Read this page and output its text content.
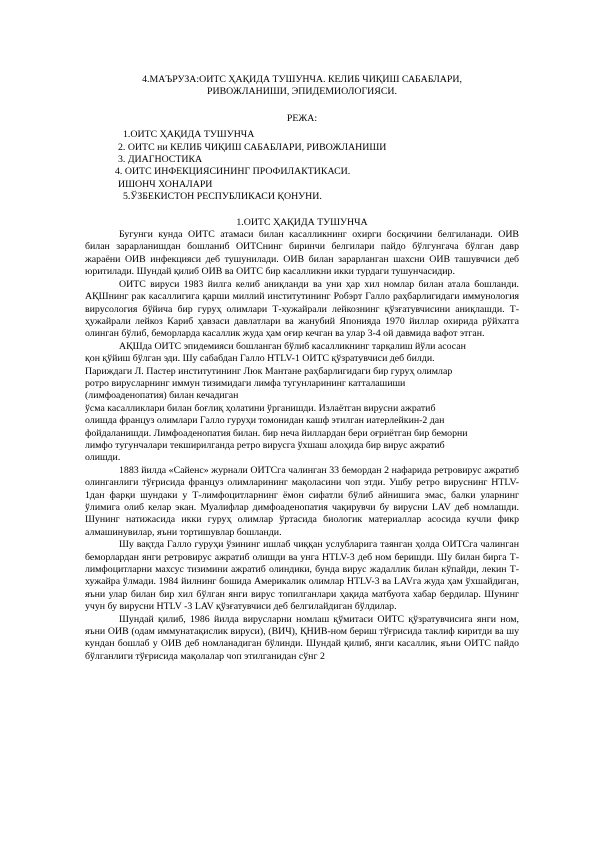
4.МАЪРУЗА:ОИТС ҲАҚИДА ТУШУНЧА. КЕЛИБ ЧИҚИШ САБАБЛАРИ,
РИВОЖЛАНИШИ, ЭПИДЕМИОЛОГИЯСИ.
РЕЖА:
1.ОИТС ҲАҚИДА ТУШУНЧА
2. ОИТС ни КЕЛИБ ЧИҚИШ САБАБЛАРИ, РИВОЖЛАНИШИ
3. ДИАГНОСТИКА
4. ОИТС ИНФЕКЦИЯСИНИНГ ПРОФИЛАКТИКАСИ.
ИШОНЧ ХОНАЛАРИ
5.ЎЗБЕКИСТОН РЕСПУБЛИКАСИ ҚОНУНИ.
1.ОИТС ҲАҚИДА ТУШУНЧА

Бугунги кунда ОИТС атамаси билан касалликнинг охирги босқичини белгиланади. ОИВ билан зарарланишдан бошланиб ОИТСнинг биринчи белгилари пайдо бўлгунгача бўлган давр жараёни ОИВ инфекцияси деб тушунилади. ОИВ билан зарарланган шахсни ОИВ ташувчиси деб юритилади. Шундай қилиб ОИВ ва ОИТС бир касалликни икки турдаги тушунчасидир.

ОИТС вируси 1983 йилга келиб аниқланди ва уни ҳар хил номлар билан атала бошланди. АҚШнинг рак касаллигига қарши миллий институтининг Робэрт Галло раҳбарлигидаги иммунология вирусология бўйича бир гуруҳ олимлари Т-хужайрали лейкознинг қўзғатувчисини аниқлашди. Т-ҳужайрали лейкоз Кариб ҳавзаси давлатлари ва жанубий Японияда 1970 йиллар охирида рўйхатга олинган бўлиб, беморларда касаллик жуда ҳам оғир кечган ва улар 3-4 ой давмида вафот этган.

АҚШда ОИТС эпидемияси бошланган бўлиб касалликнинг тарқалиш йўли асосан

қон қўйиш бўлган эди. Шу сабабдан Галло HTLV-1 ОИТС қўзратувчиси деб билди.

Париждаги Л. Пастер институтининг Люк Мантане раҳбарлигидаги бир гуруҳ олимлар

ротро вирусларнинг иммун тизимидаги лимфа тугунларининг катталашиши

(лимфоаденопатия) билан кечадиган

ўсма касалликлари билан боғлиқ ҳолатини ўрганишди. Излаётган вирусни ажратиб

олишда француз олимлари Галло гуруҳи томонидан кашф этилган иатерлейкин-2 дан

фойдаланишди. Лимфоаденопатия билан. бир неча йиллардан бери оғриётган бир беморни

лимфо тугунчалари текширилганда ретро вирусга ўхшаш алоҳида бир вирус ажратиб

олишди.

1883 йилда «Сайенс» журнали ОИТСга чалинган 33 бемордан 2 нафарида ретровирус ажратиб олинганлиги тўғрисида француз олимларининг мақоласини чоп этди. Ушбу ретро вируснинг HTLV-1дан фарқи шундаки у Т-лимфоцитларнинг ёмон сифатли бўлиб айнишига эмас, балки уларнинг ўлимига олиб келар экан. Муалифлар димфоаденопатия чақирувчи бу вирусни LAV деб номлашди. Шунинг натижасида икки гуруҳ олимлар ўртасида биологик материаллар асосида кучли фикр алмашинувилар, яъни тортишувлар бошланди.

Шу вақтда Галло гуруҳи ўзининг ишлаб чиққан услубларига таянган ҳолда ОИТСга чалинган беморлардан янги ретровирус ажратиб олишди ва унга HTLV-3 деб ном беришди. Шу билан бирга Т-лимфоцитларни махсус тизимини ажратиб олиндики, бунда вирус жадаллик билан кўпайди, лекин Т-хужайра ўлмади. 1984 йилнинг бошида Америкалик олимлар HTLV-3 ва LAVга жуда ҳам ўхшайдиган, яъни улар билан бир хил бўлган янги вирус топилганлари ҳақида матбуота хабар бердилар. Шунинг учун бу вирусни HTLV -3 LAV қўзғатувчиси деб белгилайдиган бўлдилар.

Шундай қилиб, 1986 йилда вирусларни номлаш қўмитаси ОИТС қўзратувчисига янги ном, яъни ОИВ (одам иммунатақислик вируси), (ВИЧ), ҚНИВ-ном бериш тўғрисида таклиф киритди ва шу кундан бошлаб у ОИВ деб номланадиган бўлинди. Шундай қилиб, янги касаллик, яъни ОИТС пайдо бўлганлиги тўғрисида мақолалар чоп этилганидан сўнг 2
